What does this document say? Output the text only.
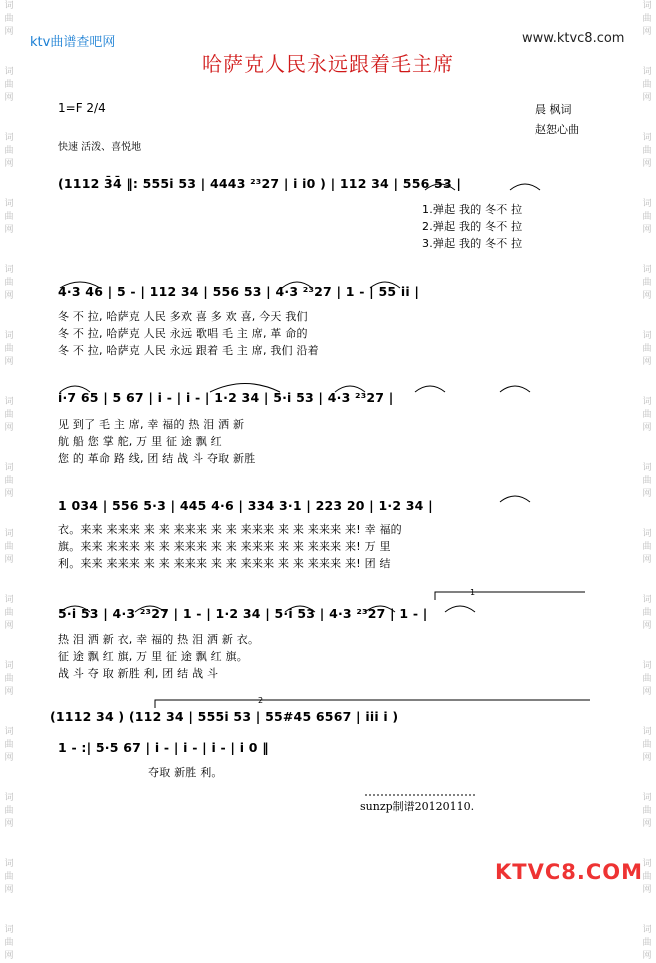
词
曲
网
词
曲
网
词
曲
网
词
曲
网
词
曲
网
词
曲
网
词
曲
网
词
曲
网
词
曲
网
词
曲
网
词
曲
网
词
曲
网
词
曲
网
词
曲
网
词
曲
网
词
曲
网
词
曲
网
词
曲
网
词
曲
网
词
曲
网
词
曲
网
词
曲
网
词
曲
网
词
曲
网
词
曲
网
词
曲
网
词
曲
网
词
曲
网
词
曲
网
词
曲
网
ktv曲谱查吧网	www.ktvc8.com
哈萨克人民永远跟着毛主席
1=F 2/4	晨 枫词
赵恕心曲
快速 活泼、喜悦地
1
2
(1112 3̄4̄ ‖: 555i 53 | 4443 ²³27 | i i0 ) | 112 34 | 556 53 |
1.弹起 我的 冬不 拉
2.弹起 我的 冬不 拉
3.弹起 我的 冬不 拉
4·3 46 | 5 - | 112 34 | 556 53 | 4·3 ²³27 | 1 - | 55 ii |
冬 不 拉, 哈萨克 人民 多欢 喜 多 欢 喜, 今天 我们
冬 不 拉, 哈萨克 人民 永远 歌唱 毛 主 席, 革 命的
冬 不 拉, 哈萨克 人民 永远 跟着 毛 主 席, 我们 沿着
i·7 65 | 5 67 | i - | i - | 1·2 34 | 5·i 53 | 4·3 ²³27 |
见 到了 毛 主 席, 幸 福的 热 泪 洒 新
航 船 您 掌 舵, 万 里 征 途 飘 红
您 的 革命 路 线, 团 结 战 斗 夺取 新胜
1 034 | 556 5·3 | 445 4·6 | 334 3·1 | 223 20 | 1·2 34 |
衣。来来 来来来 来 来 来来来 来 来 来来来 来 来 来来来 来! 幸 福的
旗。来来 来来来 来 来 来来来 来 来 来来来 来 来 来来来 来! 万 里
利。来来 来来来 来 来 来来来 来 来 来来来 来 来 来来来 来! 团 结
5·i 53 | 4·3 ²³27 | 1 - | 1·2 34 | 5·i 53 | 4·3 ²³27 | 1 - |
热 泪 洒 新 衣, 幸 福的 热 泪 洒 新 衣。
征 途 飘 红 旗, 万 里 征 途 飘 红 旗。
战 斗 夺 取 新胜 利, 团 结 战 斗
(1112 34 ) (112 34 | 555i 53 | 55#45 6567 | iii i )
1 - :| 5·5 67 | i - | i - | i - | i 0 ‖
夺取 新胜 利。
sunzp制谱20120110.
KTVC8.COM
